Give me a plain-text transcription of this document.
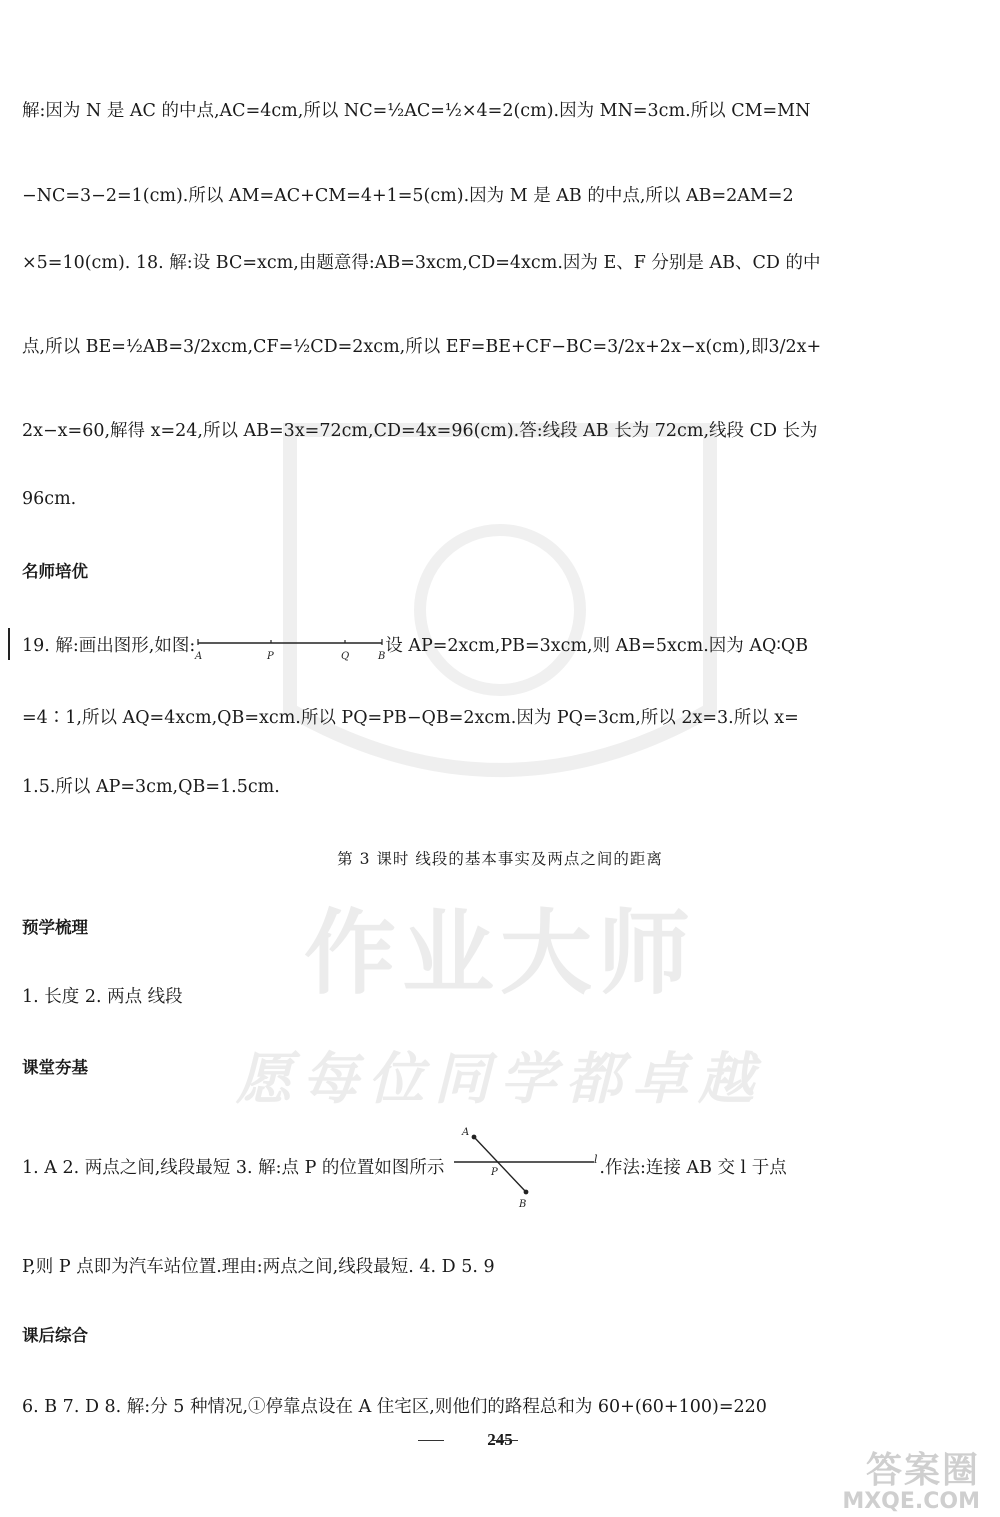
作业大师
愿每位同学都卓越
解:因为 N 是 AC 的中点,AC=4cm,所以 NC=½AC=½×4=2(cm).因为 MN=3cm.所以 CM=MN
−NC=3−2=1(cm).所以 AM=AC+CM=4+1=5(cm).因为 M 是 AB 的中点,所以 AB=2AM=2
×5=10(cm). 18. 解:设 BC=xcm,由题意得:AB=3xcm,CD=4xcm.因为 E、F 分别是 AB、CD 的中
点,所以 BE=½AB=3/2xcm,CF=½CD=2xcm,所以 EF=BE+CF−BC=3/2x+2x−x(cm),即3/2x+
2x−x=60,解得 x=24,所以 AB=3x=72cm,CD=4x=96(cm).答:线段 AB 长为 72cm,线段 CD 长为
96cm.
名师培优
19. 解:画出图形,如图:
A	P	Q	B
设 AP=2xcm,PB=3xcm,则 AB=5xcm.因为 AQ∶QB
=4∶1,所以 AQ=4xcm,QB=xcm.所以 PQ=PB−QB=2xcm.因为 PQ=3cm,所以 2x=3.所以 x=
1.5.所以 AP=3cm,QB=1.5cm.
第 3 课时 线段的基本事实及两点之间的距离
预学梳理
1. 长度 2. 两点 线段
课堂夯基
1. A 2. 两点之间,线段最短 3. 解:点 P 的位置如图所示
A
P
B
l .作法:连接 AB 交 l 于点
P,则 P 点即为汽车站位置.理由:两点之间,线段最短. 4. D 5. 9
课后综合
6. B 7. D 8. 解:分 5 种情况,①停靠点设在 A 住宅区,则他们的路程总和为 60+(60+100)=220
245
答案圈
MXQE.COM
